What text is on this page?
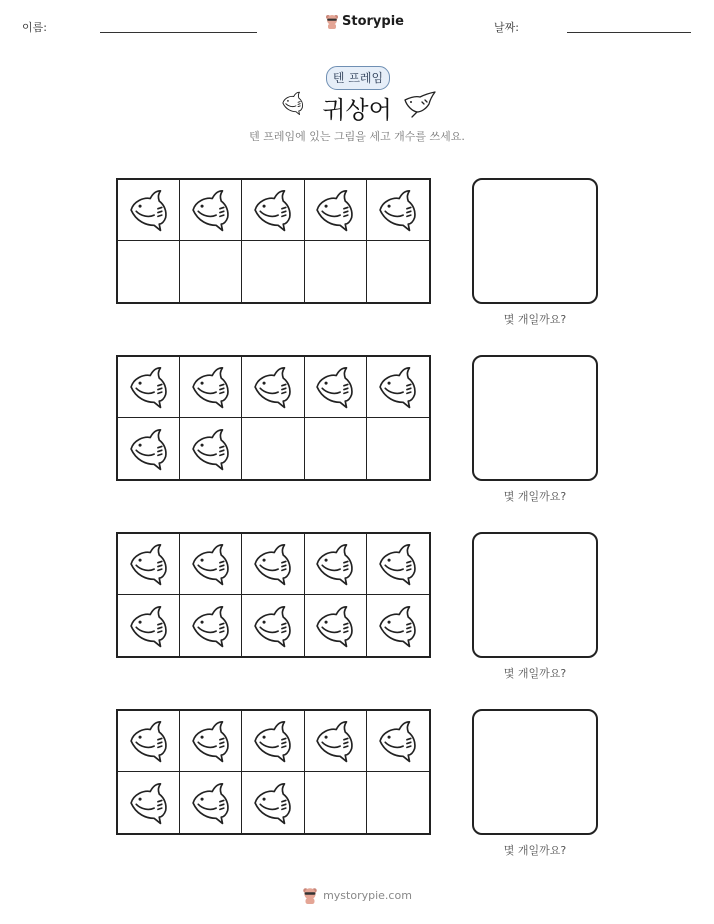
이름:	Storypie	날짜:
텐 프레임
귀상어
텐 프레임에 있는 그림을 세고 개수를 쓰세요.
몇 개일까요?
몇 개일까요?
몇 개일까요?
몇 개일까요?
mystorypie.com
